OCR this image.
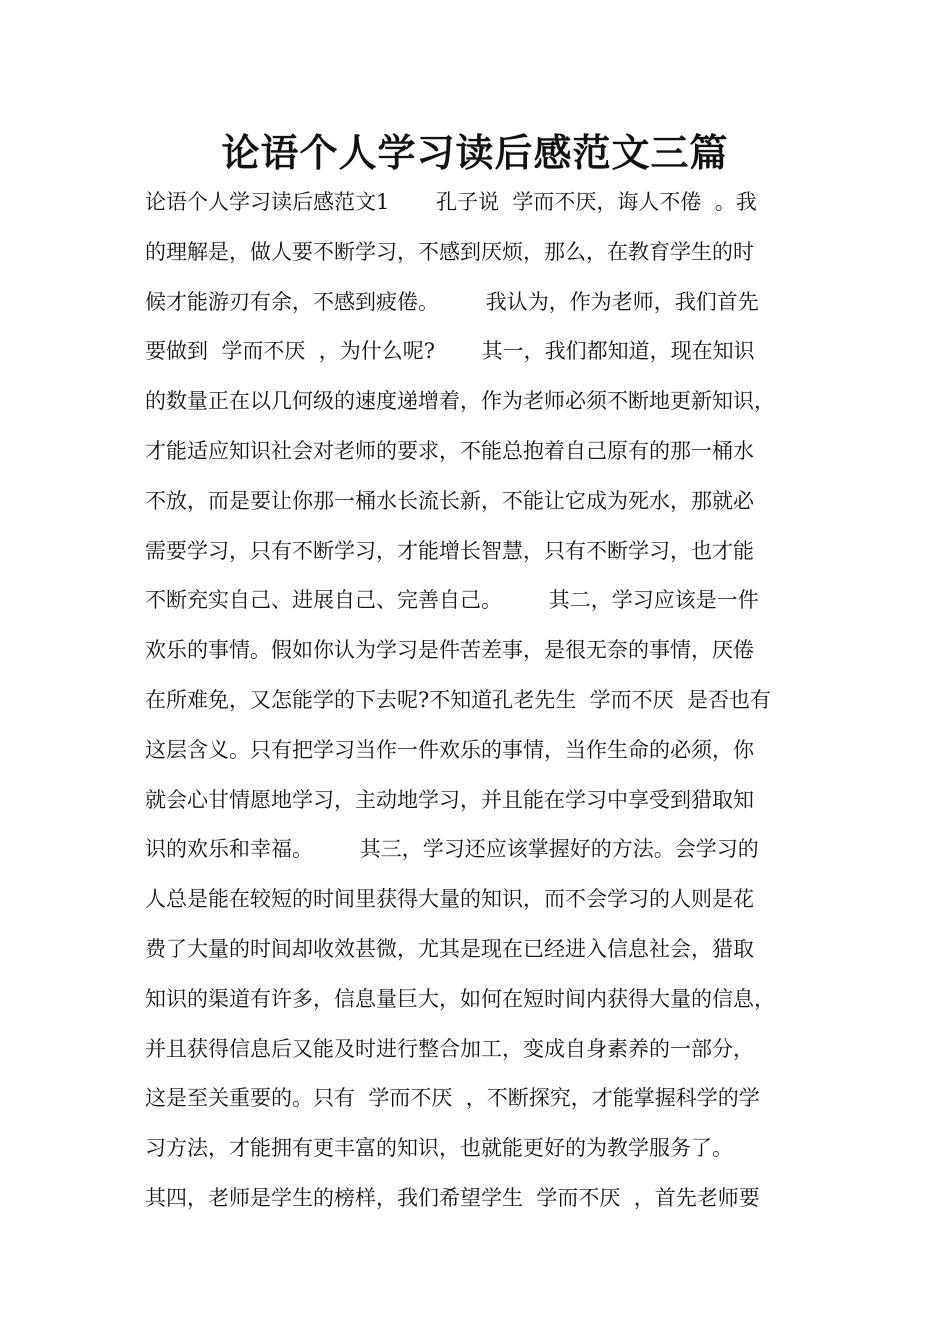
论语个人学习读后感范文三篇
论语个人学习读后感范文1       孔子说  学而不厌，诲人不倦  。我
的理解是，做人要不断学习，不感到厌烦，那么，在教育学生的时
候才能游刃有余，不感到疲倦。       我认为，作为老师，我们首先
要做到  学而不厌  ，为什么呢?       其一，我们都知道，现在知识
的数量正在以几何级的速度递增着，作为老师必须不断地更新知识，
才能适应知识社会对老师的要求，不能总抱着自己原有的那一桶水
不放，而是要让你那一桶水长流长新，不能让它成为死水，那就必
需要学习，只有不断学习，才能增长智慧，只有不断学习，也才能
不断充实自己、进展自己、完善自己。       其二，学习应该是一件
欢乐的事情。假如你认为学习是件苦差事，是很无奈的事情，厌倦
在所难免，又怎能学的下去呢?不知道孔老先生  学而不厌  是否也有
这层含义。只有把学习当作一件欢乐的事情，当作生命的必须，你
就会心甘情愿地学习，主动地学习，并且能在学习中享受到猎取知
识的欢乐和幸福。       其三，学习还应该掌握好的方法。会学习的
人总是能在较短的时间里获得大量的知识，而不会学习的人则是花
费了大量的时间却收效甚微，尤其是现在已经进入信息社会，猎取
知识的渠道有许多，信息量巨大，如何在短时间内获得大量的信息，
并且获得信息后又能及时进行整合加工，变成自身素养的一部分，
这是至关重要的。只有  学而不厌  ，不断探究，才能掌握科学的学
习方法，才能拥有更丰富的知识，也就能更好的为教学服务了。
其四，老师是学生的榜样，我们希望学生  学而不厌  ，首先老师要
